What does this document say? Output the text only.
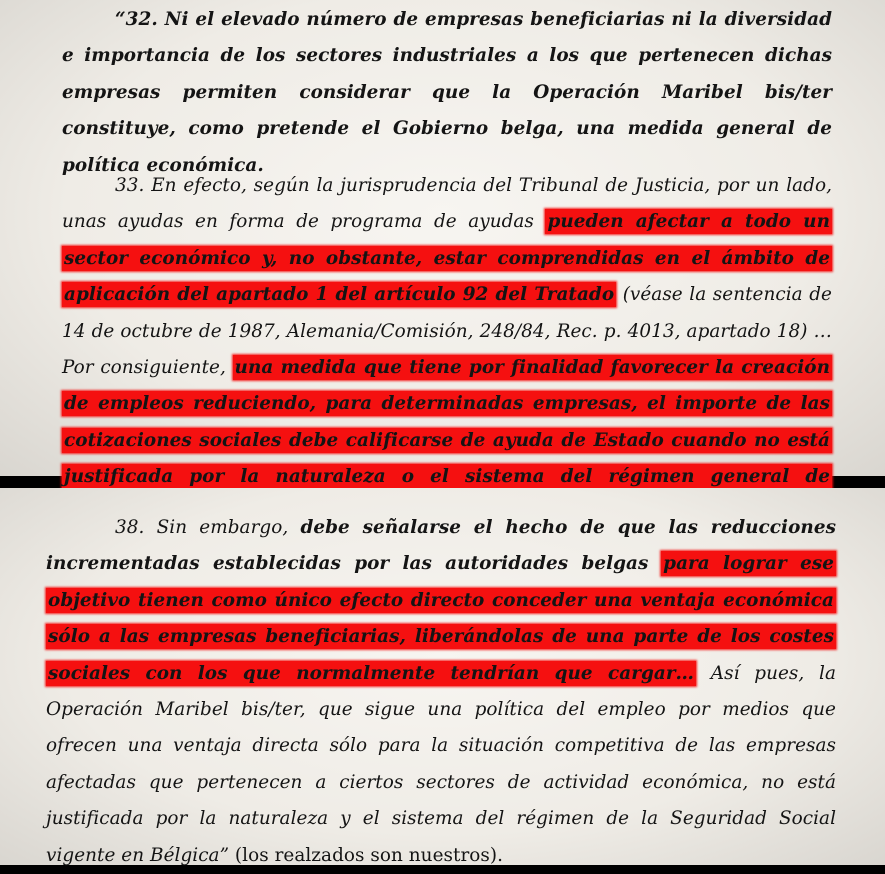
“32. Ni el elevado número de empresas beneficiarias ni la diversidad e importancia de los sectores industriales a los que pertenecen dichas empresas permiten considerar que la Operación Maribel bis/ter constituye, como pretende el Gobierno belga, una medida general de política económica.

33. En efecto, según la jurisprudencia del Tribunal de Justicia, por un lado, unas ayudas en forma de programa de ayudas pueden afectar a todo un sector económico y, no obstante, estar comprendidas en el ámbito de aplicación del apartado 1 del artículo 92 del Tratado (véase la sentencia de 14 de octubre de 1987, Alemania/Comisión, 248/84, Rec. p. 4013, apartado 18) … Por consiguiente, una medida que tiene por finalidad favorecer la creación de empleos reduciendo, para determinadas empresas, el importe de las cotizaciones sociales debe calificarse de ayuda de Estado cuando no está justificada por la naturaleza o el sistema del régimen general de

38. Sin embargo, debe señalarse el hecho de que las reducciones incrementadas establecidas por las autoridades belgas para lograr ese objetivo tienen como único efecto directo conceder una ventaja económica sólo a las empresas beneficiarias, liberándolas de una parte de los costes sociales con los que normalmente tendrían que cargar… Así pues, la Operación Maribel bis/ter, que sigue una política del empleo por medios que ofrecen una ventaja directa sólo para la situación competitiva de las empresas afectadas que pertenecen a ciertos sectores de actividad económica, no está justificada por la naturaleza y el sistema del régimen de la Seguridad Social vigente en Bélgica” (los realzados son nuestros).
